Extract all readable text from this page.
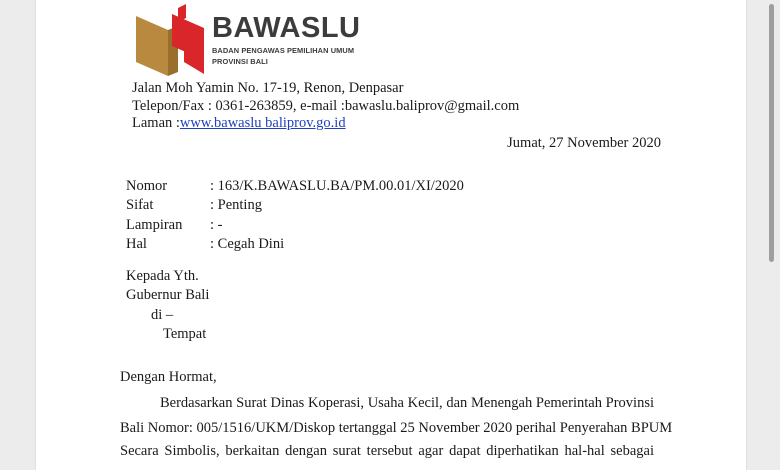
BAWASLU
BADAN PENGAWAS PEMILIHAN UMUM
PROVINSI BALI
Jalan Moh Yamin No. 17-19, Renon, Denpasar
Telepon/Fax : 0361-263859, e-mail :bawaslu.baliprov@gmail.com
Laman :www.bawaslu baliprov.go.id
Jumat, 27 November 2020
Nomor	: 163/K.BAWASLU.BA/PM.00.01/XI/2020
Sifat	: Penting
Lampiran : -
Hal	: Cegah Dini
Kepada Yth.
Gubernur Bali
di –
Tempat
Dengan Hormat,
Berdasarkan Surat Dinas Koperasi, Usaha Kecil, dan Menengah Pemerintah Provinsi
Bali Nomor: 005/1516/UKM/Diskop tertanggal 25 November 2020 perihal Penyerahan BPUM
Secara Simbolis, berkaitan dengan surat tersebut agar dapat diperhatikan hal-hal sebagai
